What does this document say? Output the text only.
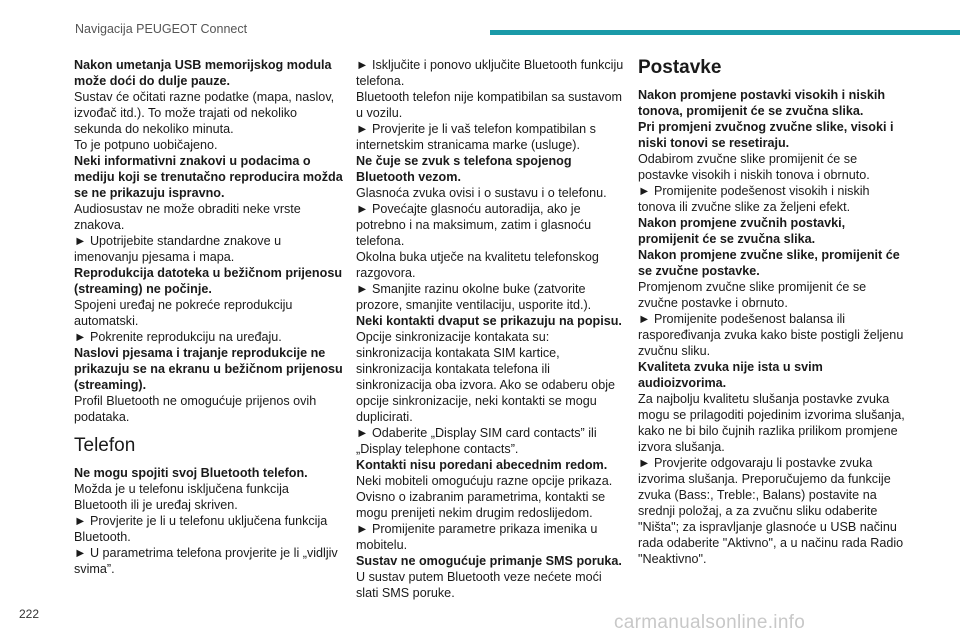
Navigacija PEUGEOT Connect

Nakon umetanja USB memorijskog modula može doći do dulje pauze.

Sustav će očitati razne podatke (mapa, naslov, izvođač itd.). To može trajati od nekoliko sekunda do nekoliko minuta.

To je potpuno uobičajeno.

Neki informativni znakovi u podacima o mediju koji se trenutačno reproducira možda se ne prikazuju ispravno.

Audiosustav ne može obraditi neke vrste znakova.

► Upotrijebite standardne znakove u imenovanju pjesama i mapa.

Reprodukcija datoteka u bežičnom prijenosu (streaming) ne počinje.

Spojeni uređaj ne pokreće reprodukciju automatski.

► Pokrenite reprodukciju na uređaju.

Naslovi pjesama i trajanje reprodukcije ne prikazuju se na ekranu u bežičnom prijenosu (streaming).

Profil Bluetooth ne omogućuje prijenos ovih podataka.

Telefon

Ne mogu spojiti svoj Bluetooth telefon.

Možda je u telefonu isključena funkcija Bluetooth ili je uređaj skriven.

► Provjerite je li u telefonu uključena funkcija Bluetooth.

► U parametrima telefona provjerite je li „vidljiv svima”.

► Isključite i ponovo uključite Bluetooth funkciju telefona.

Bluetooth telefon nije kompatibilan sa sustavom u vozilu.

► Provjerite je li vaš telefon kompatibilan s internetskim stranicama marke (usluge).

Ne čuje se zvuk s telefona spojenog Bluetooth vezom.

Glasnoća zvuka ovisi i o sustavu i o telefonu.

► Povećajte glasnoću autoradija, ako je potrebno i na maksimum, zatim i glasnoću telefona.

Okolna buka utječe na kvalitetu telefonskog razgovora.

► Smanjite razinu okolne buke (zatvorite prozore, smanjite ventilaciju, usporite itd.).

Neki kontakti dvaput se prikazuju na popisu.

Opcije sinkronizacije kontakata su: sinkronizacija kontakata SIM kartice, sinkronizacija kontakata telefona ili sinkronizacija oba izvora. Ako se odaberu obje opcije sinkronizacije, neki kontakti se mogu duplicirati.

► Odaberite „Display SIM card contacts” ili „Display telephone contacts”.

Kontakti nisu poredani abecednim redom.

Neki mobiteli omogućuju razne opcije prikaza. Ovisno o izabranim parametrima, kontakti se mogu prenijeti nekim drugim redoslijedom.

► Promijenite parametre prikaza imenika u mobitelu.

Sustav ne omogućuje primanje SMS poruka.

U sustav putem Bluetooth veze nećete moći slati SMS poruke.

Postavke

Nakon promjene postavki visokih i niskih tonova, promijenit će se zvučna slika.

Pri promjeni zvučnog zvučne slike, visoki i niski tonovi se resetiraju.

Odabirom zvučne slike promijenit će se postavke visokih i niskih tonova i obrnuto.

► Promijenite podešenost visokih i niskih tonova ili zvučne slike za željeni efekt.

Nakon promjene zvučnih postavki, promijenit će se zvučna slika.

Nakon promjene zvučne slike, promijenit će se zvučne postavke.

Promjenom zvučne slike promijenit će se zvučne postavke i obrnuto.

► Promijenite podešenost balansa ili raspoređivanja zvuka kako biste postigli željenu zvučnu sliku.

Kvaliteta zvuka nije ista u svim audioizvorima.

Za najbolju kvalitetu slušanja postavke zvuka mogu se prilagoditi pojedinim izvorima slušanja, kako ne bi bilo čujnih razlika prilikom promjene izvora slušanja.

► Provjerite odgovaraju li postavke zvuka izvorima slušanja. Preporučujemo da funkcije zvuka (Bass:, Treble:, Balans) postavite na srednji položaj, a za zvučnu sliku odaberite "Ništa"; za ispravljanje glasnoće u USB načinu rada odaberite "Aktivno", a u načinu rada Radio "Neaktivno".

222	carmanualsonline.info
